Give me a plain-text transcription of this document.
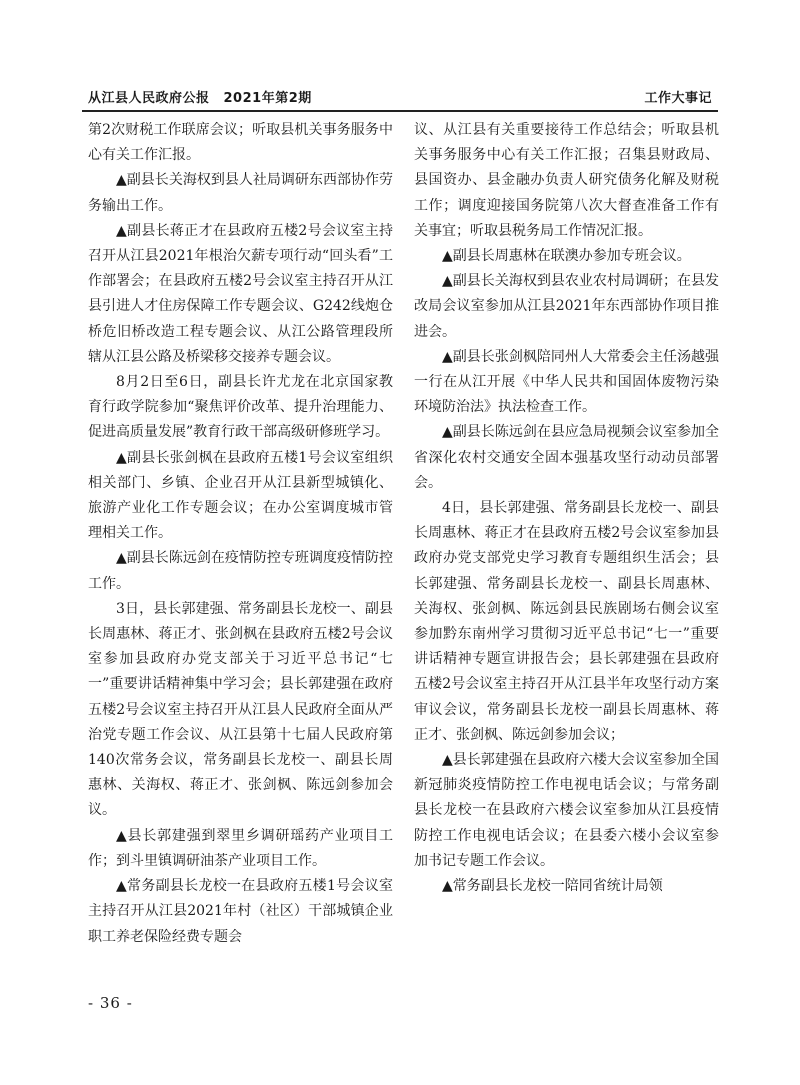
从江县人民政府公报 2021年第2期	工作大事记

第2次财税工作联席会议；听取县机关事务服务中心有关工作汇报。

▲副县长关海权到县人社局调研东西部协作劳务输出工作。

▲副县长蒋正才在县政府五楼2号会议室主持召开从江县2021年根治欠薪专项行动“回头看”工作部署会；在县政府五楼2号会议室主持召开从江县引进人才住房保障工作专题会议、G242线炮仓桥危旧桥改造工程专题会议、从江公路管理段所辖从江县公路及桥梁移交接养专题会议。

8月2日至6日，副县长许尤龙在北京国家教育行政学院参加“聚焦评价改革、提升治理能力、促进高质量发展”教育行政干部高级研修班学习。

▲副县长张剑枫在县政府五楼1号会议室组织相关部门、乡镇、企业召开从江县新型城镇化、旅游产业化工作专题会议；在办公室调度城市管理相关工作。

▲副县长陈远剑在疫情防控专班调度疫情防控工作。

3日，县长郭建强、常务副县长龙校一、副县长周惠林、蒋正才、张剑枫在县政府五楼2号会议室参加县政府办党支部关于习近平总书记“七一”重要讲话精神集中学习会；县长郭建强在政府五楼2号会议室主持召开从江县人民政府全面从严治党专题工作会议、从江县第十七届人民政府第140次常务会议，常务副县长龙校一、副县长周惠林、关海权、蒋正才、张剑枫、陈远剑参加会议。

▲县长郭建强到翠里乡调研瑶药产业项目工作；到斗里镇调研油茶产业项目工作。

▲常务副县长龙校一在县政府五楼1号会议室主持召开从江县2021年村（社区）干部城镇企业职工养老保险经费专题会

议、从江县有关重要接待工作总结会；听取县机关事务服务中心有关工作汇报；召集县财政局、县国资办、县金融办负责人研究债务化解及财税工作；调度迎接国务院第八次大督查准备工作有关事宜；听取县税务局工作情况汇报。

▲副县长周惠林在联澳办参加专班会议。

▲副县长关海权到县农业农村局调研；在县发改局会议室参加从江县2021年东西部协作项目推进会。

▲副县长张剑枫陪同州人大常委会主任汤越强一行在从江开展《中华人民共和国固体废物污染环境防治法》执法检查工作。

▲副县长陈远剑在县应急局视频会议室参加全省深化农村交通安全固本强基攻坚行动动员部署会。

4日，县长郭建强、常务副县长龙校一、副县长周惠林、蒋正才在县政府五楼2号会议室参加县政府办党支部党史学习教育专题组织生活会；县长郭建强、常务副县长龙校一、副县长周惠林、关海权、张剑枫、陈远剑县民族剧场右侧会议室参加黔东南州学习贯彻习近平总书记“七一”重要讲话精神专题宣讲报告会；县长郭建强在县政府五楼2号会议室主持召开从江县半年攻坚行动方案审议会议，常务副县长龙校一副县长周惠林、蒋正才、张剑枫、陈远剑参加会议；

▲县长郭建强在县政府六楼大会议室参加全国新冠肺炎疫情防控工作电视电话会议；与常务副县长龙校一在县政府六楼会议室参加从江县疫情防控工作电视电话会议；在县委六楼小会议室参加书记专题工作会议。

▲常务副县长龙校一陪同省统计局领

- 36 -
